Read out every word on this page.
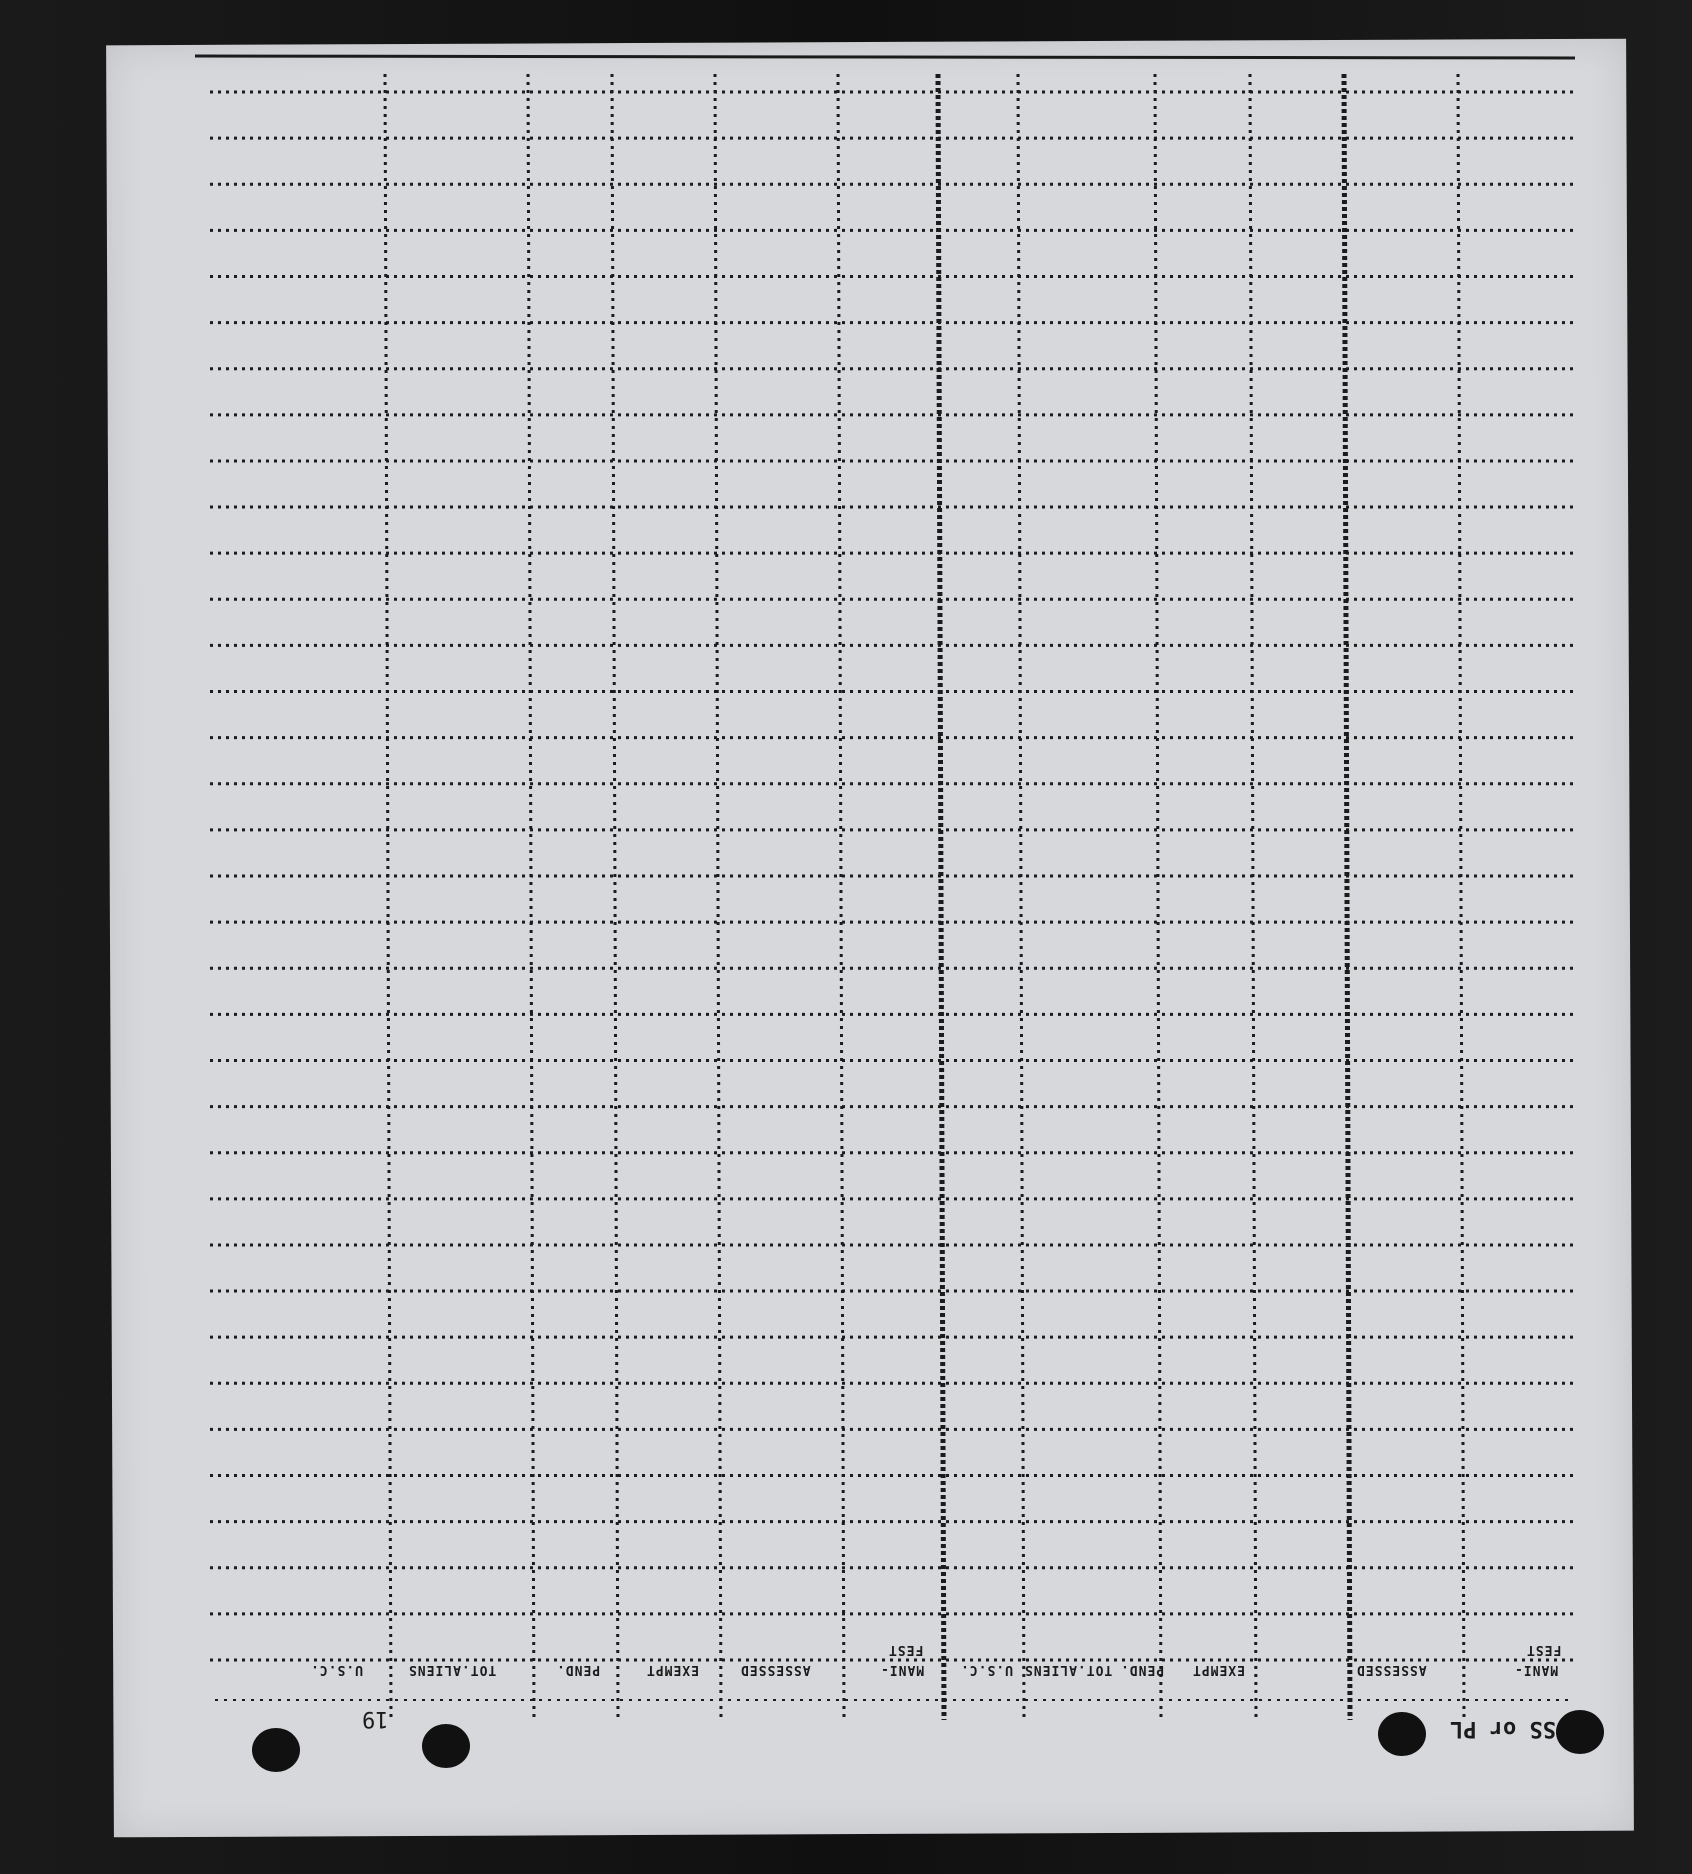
U.S.C.	TOT.ALIENS	PEND.	EXEMPT	ASSESSED	MANI-
FEST
U.S.C. TOT.ALIENS PEND. EXEMPT	ASSESSED	MANI-
FEST
19	SS or PL
